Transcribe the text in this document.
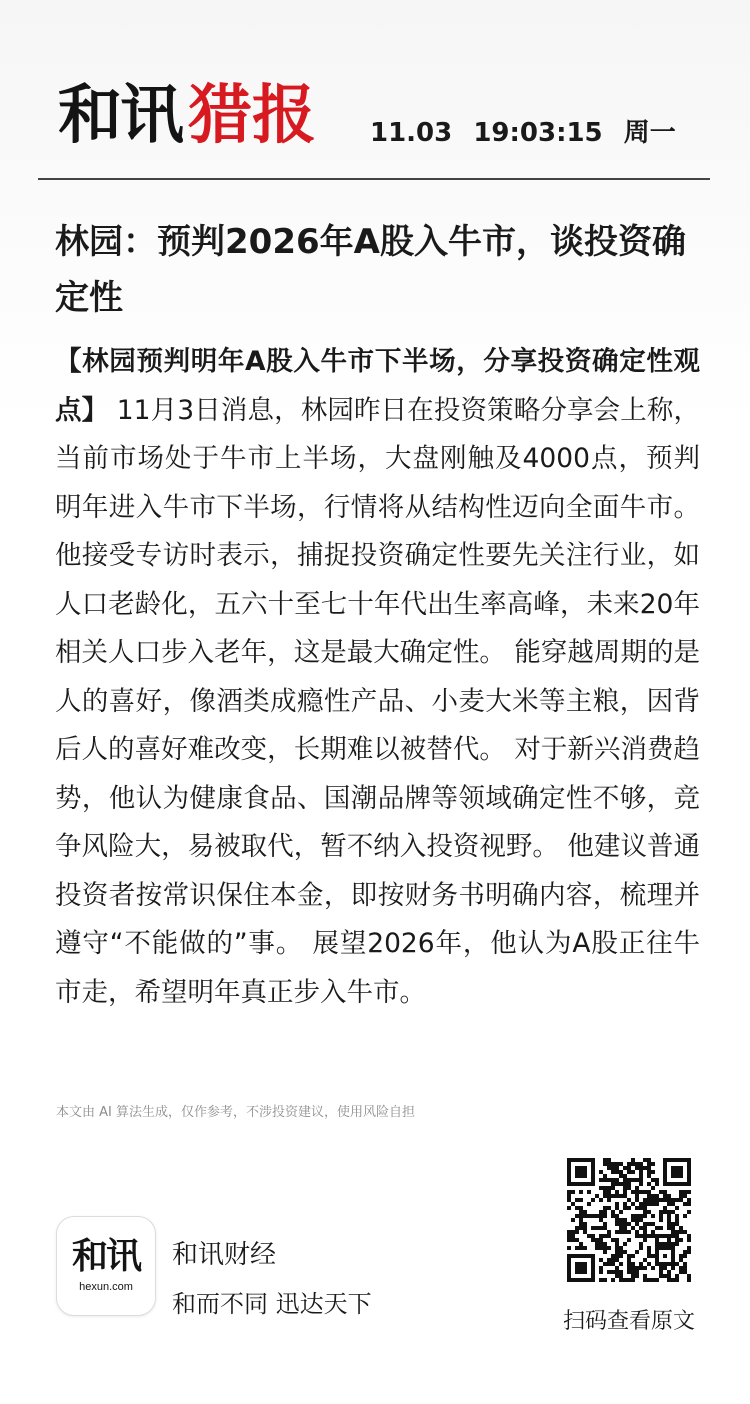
和讯 猎报 11.03 19:03:15 周一
林园：预判2026年A股入牛市，谈投资确定性
【林园预判明年A股入牛市下半场，分享投资确定性观点】 11月3日消息，林园昨日在投资策略分享会上称，当前市场处于牛市上半场，大盘刚触及4000点，预判明年进入牛市下半场，行情将从结构性迈向全面牛市。 他接受专访时表示，捕捉投资确定性要先关注行业，如人口老龄化，五六十至七十年代出生率高峰，未来20年相关人口步入老年，这是最大确定性。 能穿越周期的是人的喜好，像酒类成瘾性产品、小麦大米等主粮，因背后人的喜好难改变，长期难以被替代。 对于新兴消费趋势，他认为健康食品、国潮品牌等领域确定性不够，竞争风险大，易被取代，暂不纳入投资视野。 他建议普通投资者按常识保住本金，即按财务书明确内容，梳理并遵守“不能做的”事。 展望2026年，他认为A股正往牛市走，希望明年真正步入牛市。
本文由 AI 算法生成，仅作参考，不涉投资建议，使用风险自担
和讯
hexun.com
和讯财经
和而不同 迅达天下
扫码查看原文
